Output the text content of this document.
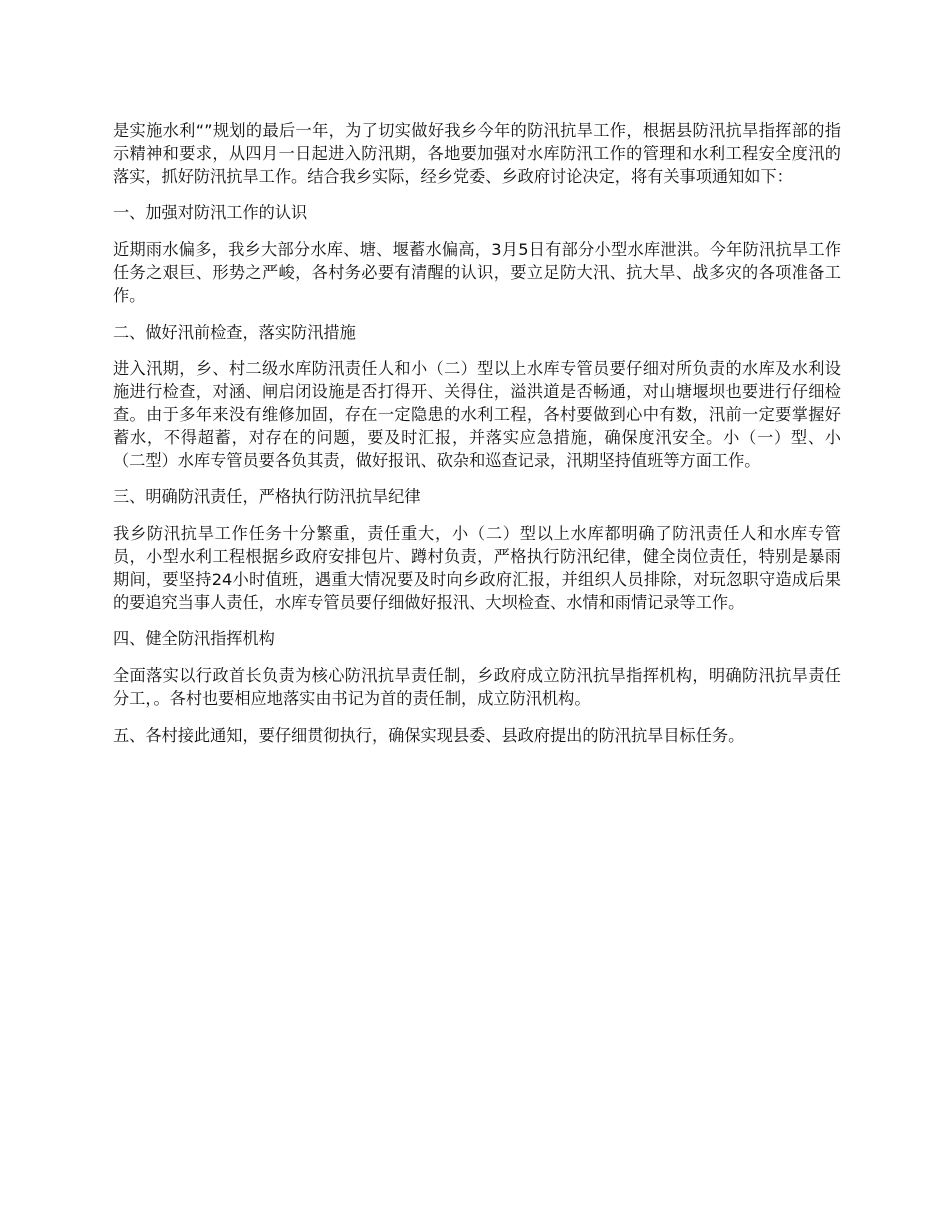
是实施水利“”规划的最后一年，为了切实做好我乡今年的防汛抗旱工作，根据县防汛抗旱指挥部的指示精神和要求，从四月一日起进入防汛期，各地要加强对水库防汛工作的管理和水利工程安全度汛的落实，抓好防汛抗旱工作。结合我乡实际，经乡党委、乡政府讨论决定，将有关事项通知如下：

一、加强对防汛工作的认识

近期雨水偏多，我乡大部分水库、塘、堰蓄水偏高，3月5日有部分小型水库泄洪。今年防汛抗旱工作任务之艰巨、形势之严峻，各村务必要有清醒的认识，要立足防大汛、抗大旱、战多灾的各项准备工作。

二、做好汛前检查，落实防汛措施

进入汛期，乡、村二级水库防汛责任人和小（二）型以上水库专管员要仔细对所负责的水库及水利设施进行检查，对涵、闸启闭设施是否打得开、关得住，溢洪道是否畅通，对山塘堰坝也要进行仔细检查。由于多年来没有维修加固，存在一定隐患的水利工程，各村要做到心中有数，汛前一定要掌握好蓄水，不得超蓄，对存在的问题，要及时汇报，并落实应急措施，确保度汛安全。小（一）型、小（二型）水库专管员要各负其责，做好报讯、砍杂和巡查记录，汛期坚持值班等方面工作。

三、明确防汛责任，严格执行防汛抗旱纪律

我乡防汛抗旱工作任务十分繁重，责任重大，小（二）型以上水库都明确了防汛责任人和水库专管员，小型水利工程根据乡政府安排包片、蹲村负责，严格执行防汛纪律，健全岗位责任，特别是暴雨期间，要坚持24小时值班，遇重大情况要及时向乡政府汇报，并组织人员排除，对玩忽职守造成后果的要追究当事人责任，水库专管员要仔细做好报汛、大坝检查、水情和雨情记录等工作。

四、健全防汛指挥机构

全面落实以行政首长负责为核心防汛抗旱责任制，乡政府成立防汛抗旱指挥机构，明确防汛抗旱责任分工，。各村也要相应地落实由书记为首的责任制，成立防汛机构。

五、各村接此通知，要仔细贯彻执行，确保实现县委、县政府提出的防汛抗旱目标任务。
